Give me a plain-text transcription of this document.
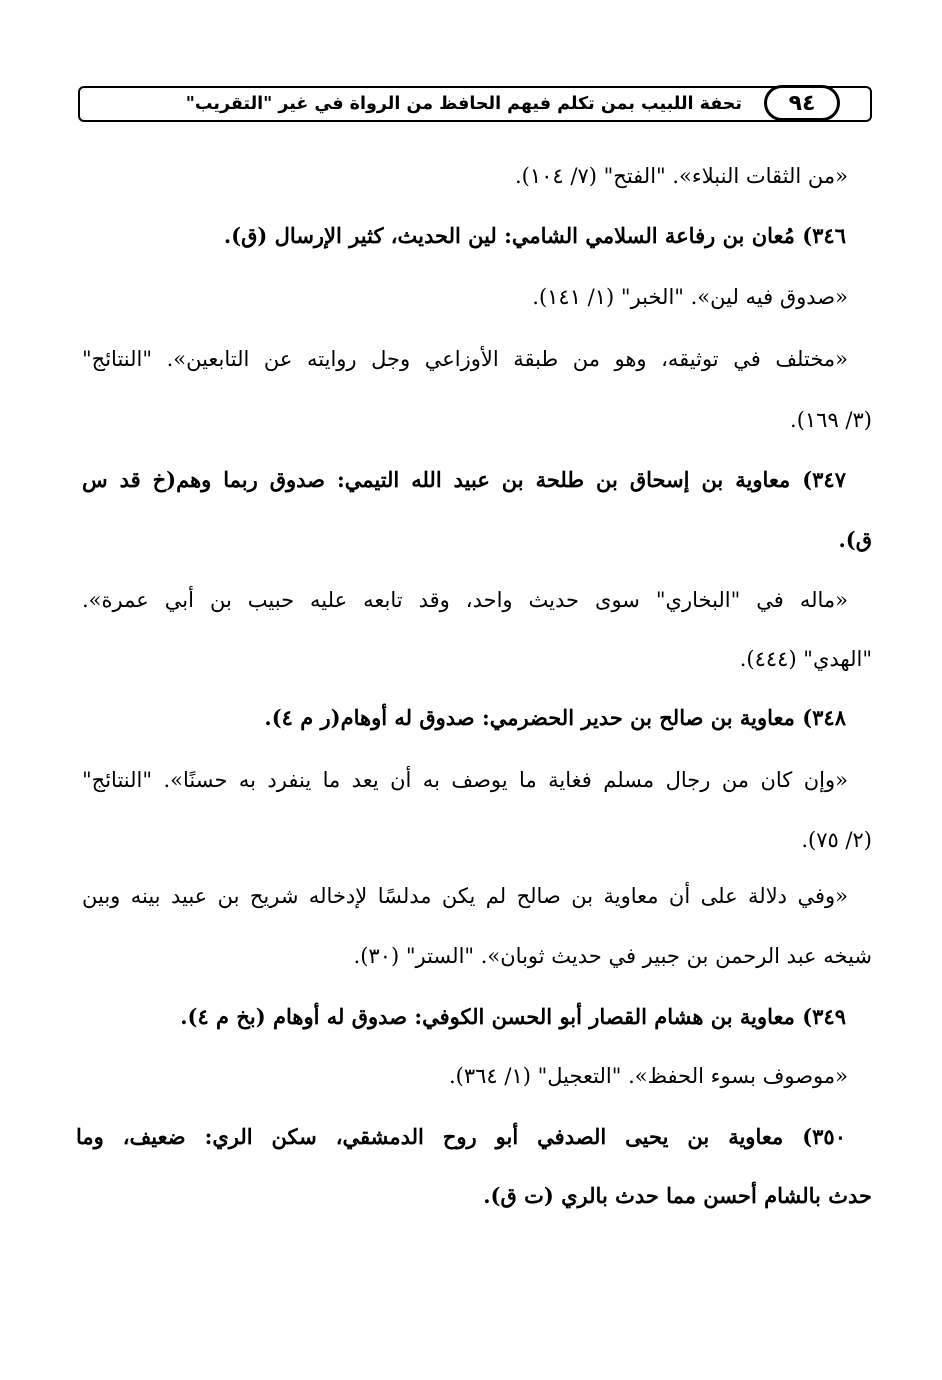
٩٤
تحفة اللبيب بمن تكلم فيهم الحافظ من الرواة في غير "التقريب"
«من الثقات النبلاء». "الفتح" (٧/ ١٠٤).
٣٤٦) مُعان بن رفاعة السلامي الشامي: لين الحديث، كثير الإرسال (ق).
«صدوق فيه لين». "الخبر" (١/ ١٤١).
«مختلف في توثيقه، وهو من طبقة الأوزاعي وجل روايته عن التابعين». "النتائج"
(٣/ ١٦٩).
٣٤٧) معاوية بن إسحاق بن طلحة بن عبيد الله التيمي: صدوق ربما وهم(خ قد س
ق).
«ماله في "البخاري" سوى حديث واحد، وقد تابعه عليه حبيب بن أبي عمرة».
"الهدي" (٤٤٤).
٣٤٨) معاوية بن صالح بن حدير الحضرمي: صدوق له أوهام(ر م ٤).
«وإن كان من رجال مسلم فغاية ما يوصف به أن يعد ما ينفرد به حسنًا». "النتائج"
(٢/ ٧٥).
«وفي دلالة على أن معاوية بن صالح لم يكن مدلسًا لإدخاله شريح بن عبيد بينه وبين
شيخه عبد الرحمن بن جبير في حديث ثوبان». "الستر" (٣٠).
٣٤٩) معاوية بن هشام القصار أبو الحسن الكوفي: صدوق له أوهام (بخ م ٤).
«موصوف بسوء الحفظ». "التعجيل" (١/ ٣٦٤).
٣٥٠) معاوية بن يحيى الصدفي أبو روح الدمشقي، سكن الري: ضعيف، وما
حدث بالشام أحسن مما حدث بالري (ت ق).
